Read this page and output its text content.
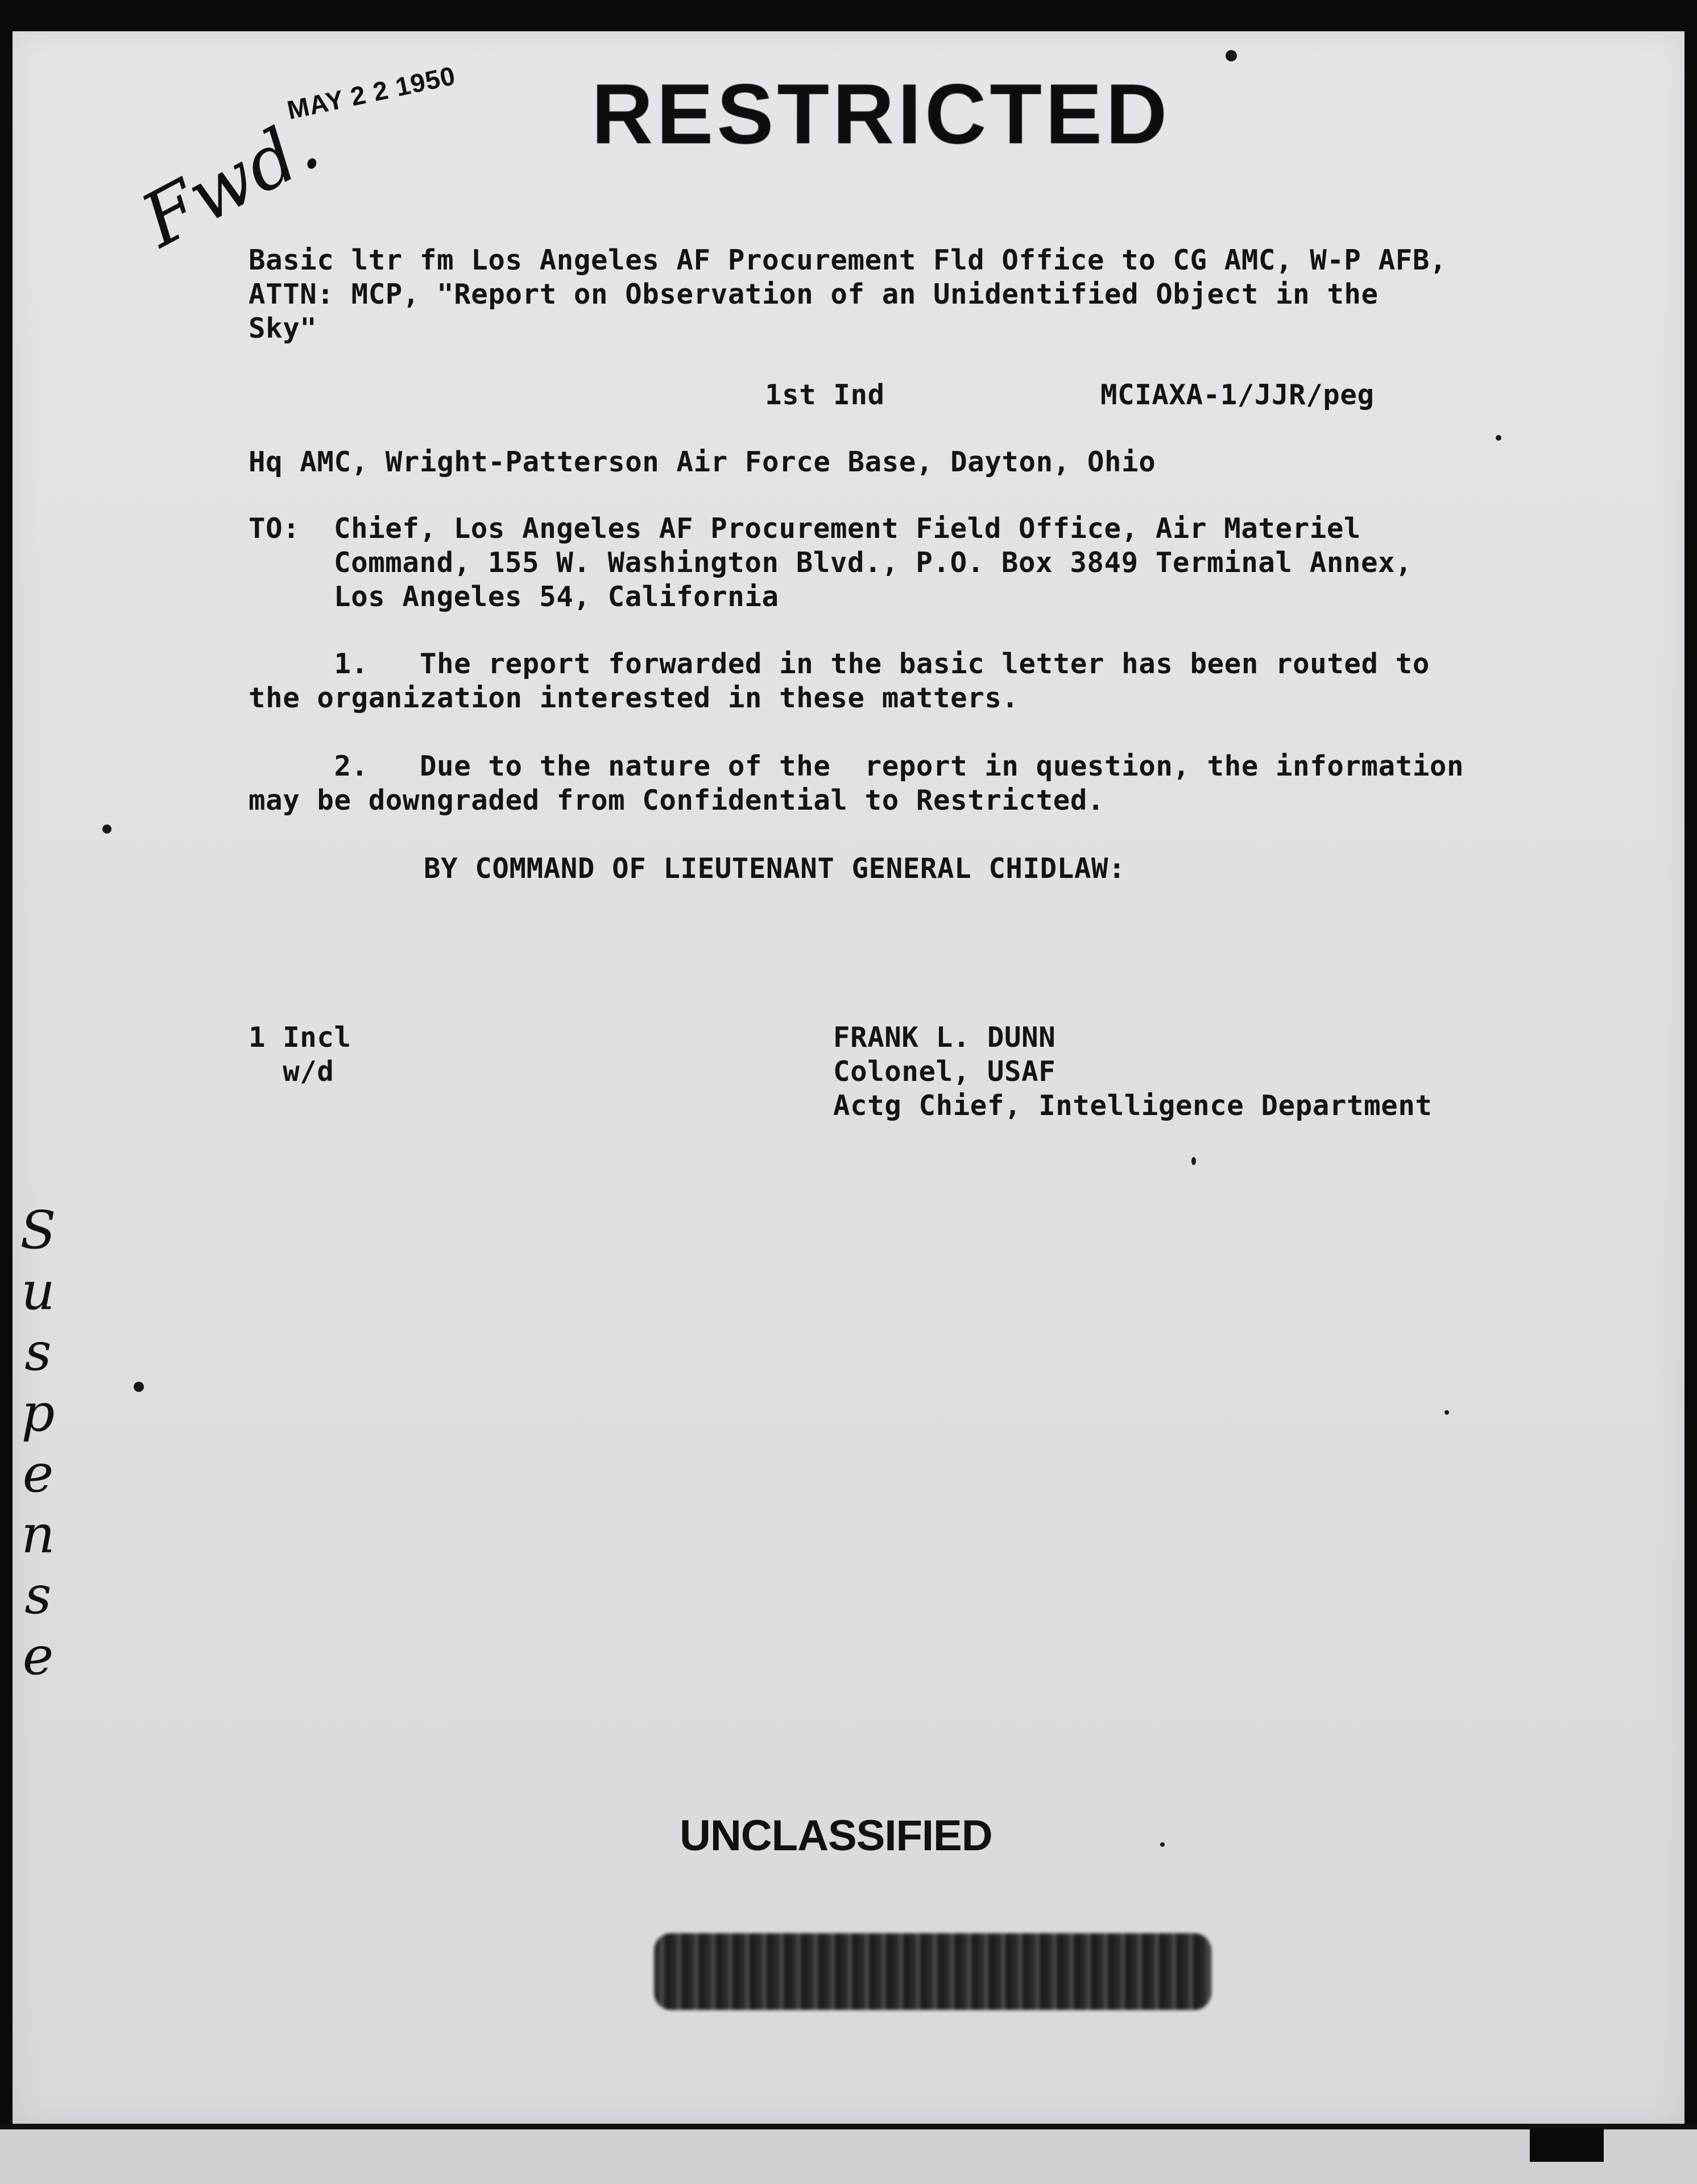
RESTRICTED
MAY 2 2 1950
Fwd.
Suspense
Basic ltr fm Los Angeles AF Procurement Fld Office to CG AMC, W-P AFB,
ATTN: MCP, "Report on Observation of an Unidentified Object in the
Sky"
1st Ind	MCIAXA-1/JJR/peg
Hq AMC, Wright-Patterson Air Force Base, Dayton, Ohio
TO: Chief, Los Angeles AF Procurement Field Office, Air Materiel
Command, 155 W. Washington Blvd., P.O. Box 3849 Terminal Annex,
Los Angeles 54, California
1.   The report forwarded in the basic letter has been routed to
the organization interested in these matters.
2.   Due to the nature of the  report in question, the information
may be downgraded from Confidential to Restricted.
BY COMMAND OF LIEUTENANT GENERAL CHIDLAW:
1 Incl
w/d
FRANK L. DUNN
Colonel, USAF
Actg Chief, Intelligence Department
UNCLASSIFIED
